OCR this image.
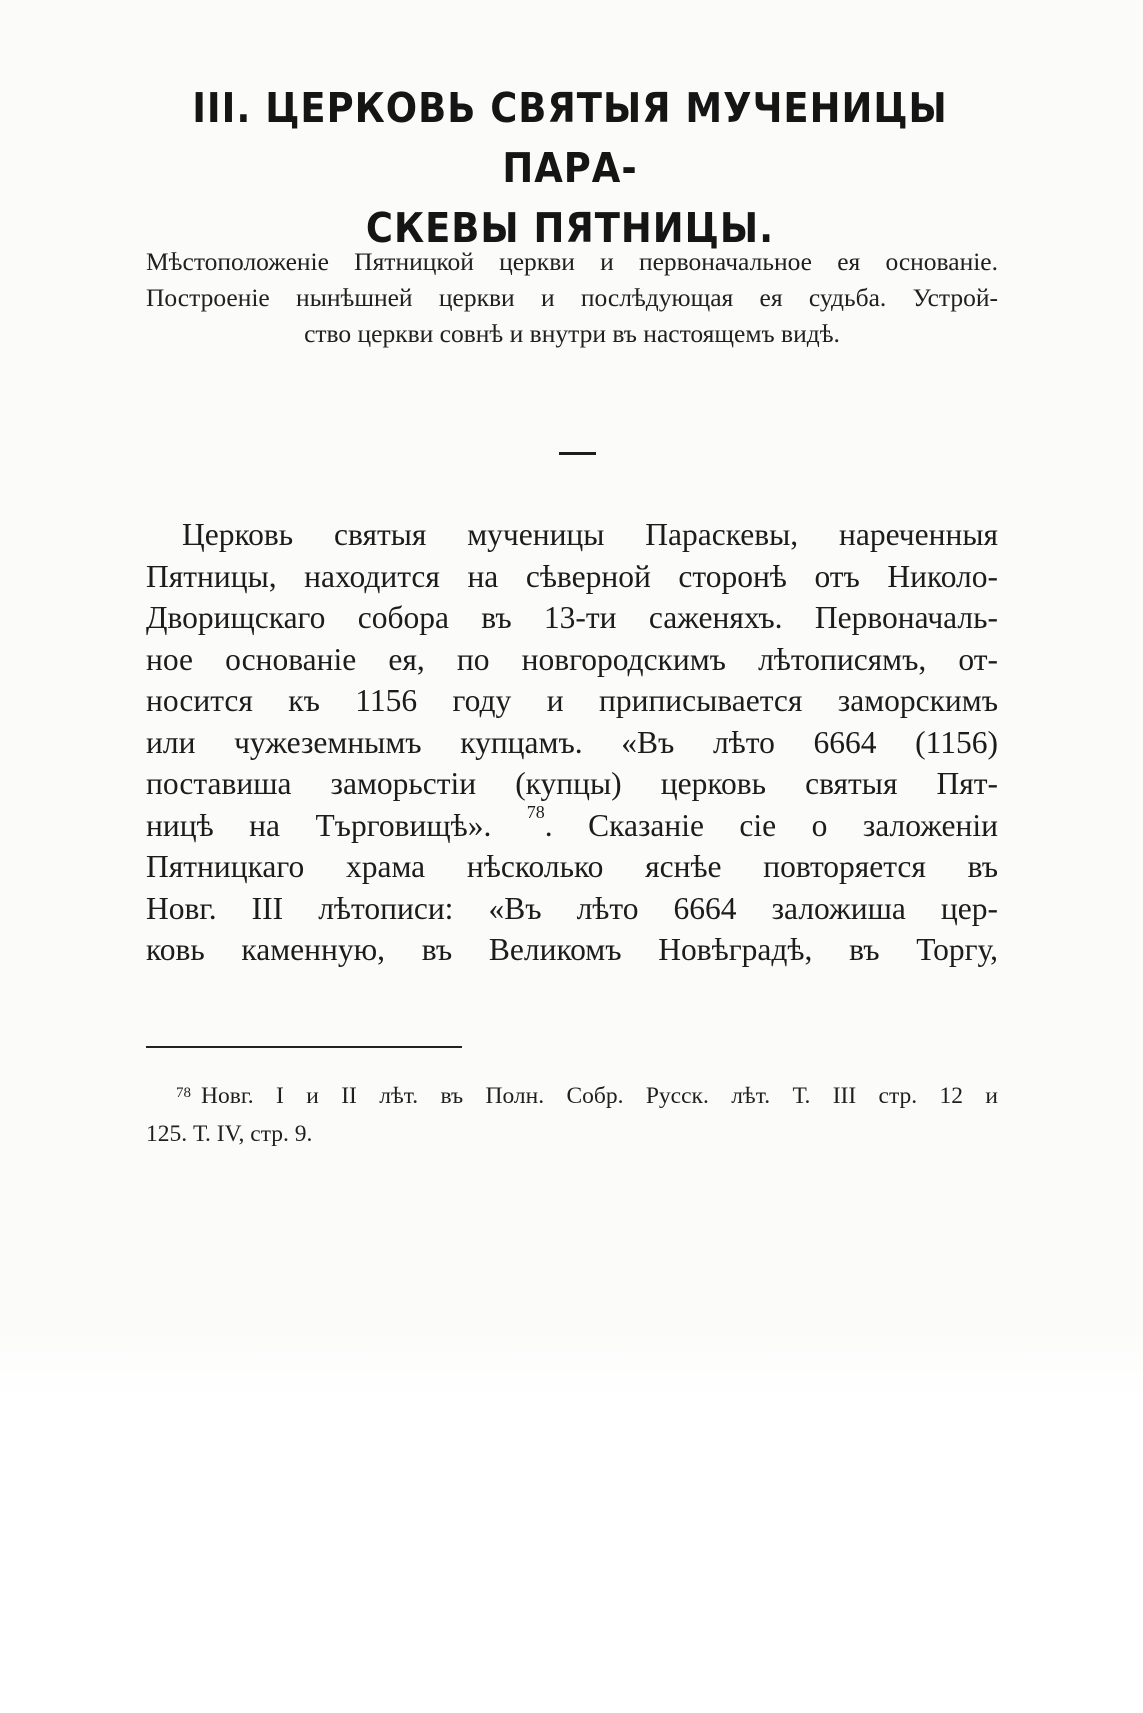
III. ЦЕРКОВЬ СВЯТЫЯ МУЧЕНИЦЫ ПАРА-
СКЕВЫ ПЯТНИЦЫ.

Мѣстоположенiе Пятницкой церкви и первоначальное ея основанiе.
Построенiе нынѣшней церкви и послѣдующая ея судьба. Устрой-
ство церкви совнѣ и внутри въ настоящемъ видѣ.

Церковь святыя мученицы Параскевы, нареченныя
Пятницы, находится на сѣверной сторонѣ отъ Николо-
Дворищскаго собора въ 13-ти саженяхъ. Первоначаль-
ное основанiе ея, по новгородскимъ лѣтописямъ, от-
носится къ 1156 году и приписывается заморскимъ
или чужеземнымъ купцамъ. «Въ лѣто 6664 (1156)
поставиша заморьстiи (купцы) церковь святыя Пят-
ницѣ на Търговищѣ». $^{78}$. Сказанiе сiе о заложенiи
Пятницкаго храма нѣсколько яснѣе повторяется въ
Новг. III лѣтописи: «Въ лѣто 6664 заложиша цер-
ковь каменную, въ Великомъ Новѣградѣ, въ Торгу,

$^{78}$ Новг. I и II лѣт. въ Полн. Собр. Русск. лѣт. Т. III стр. 12 и
125. Т. IV, стр. 9.
